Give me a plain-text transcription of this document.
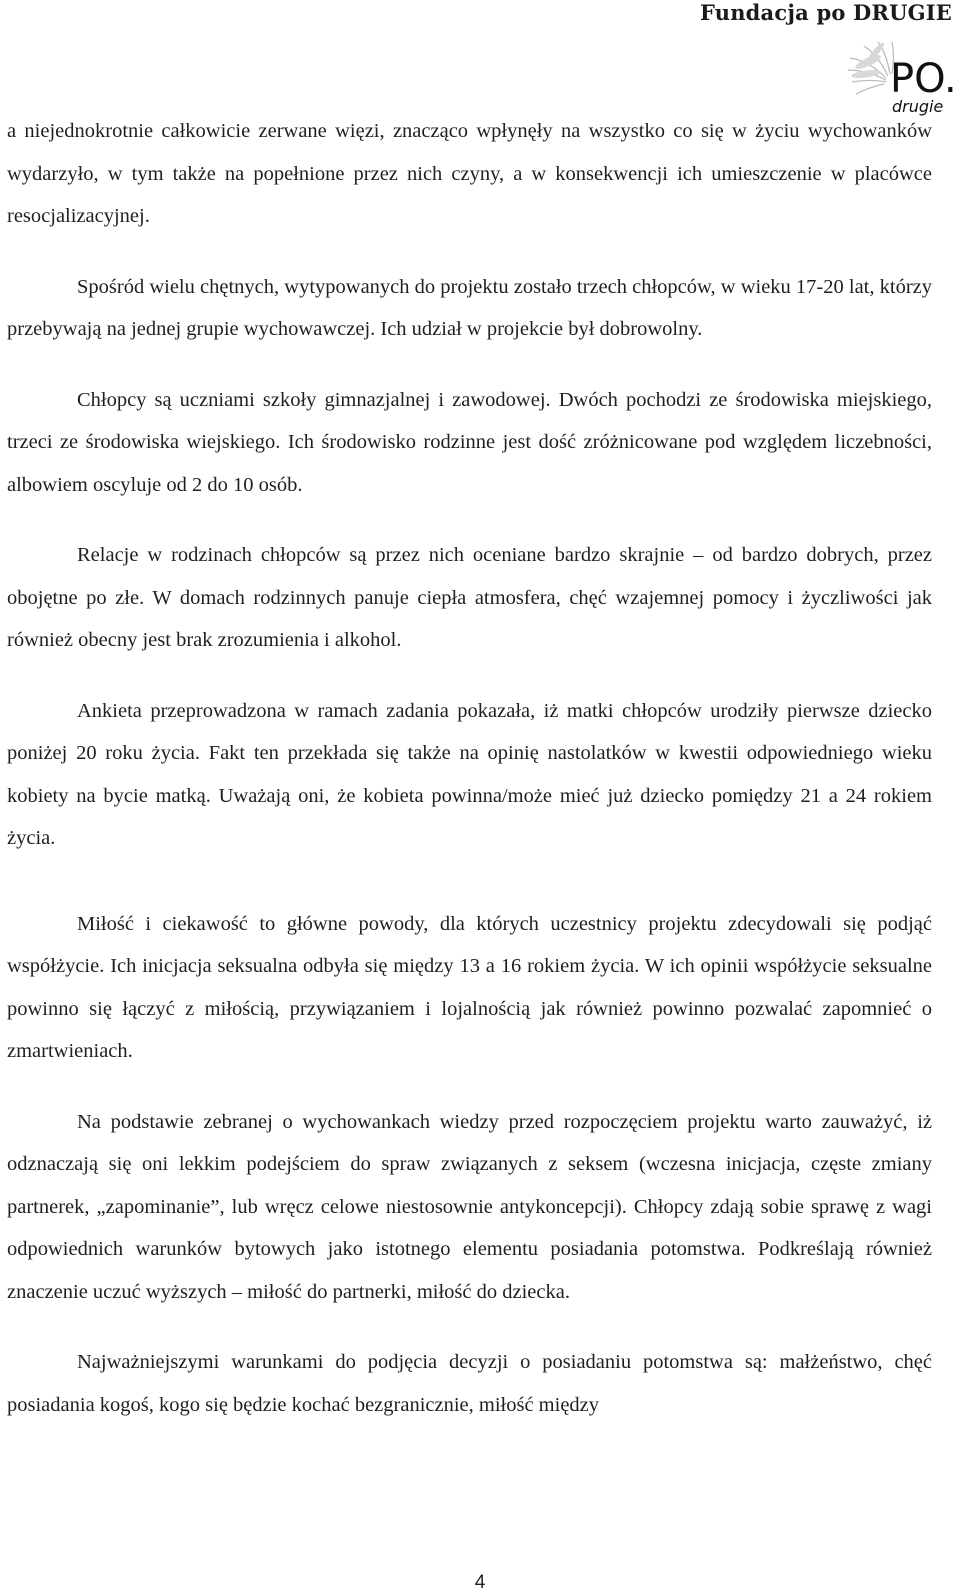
Fundacja po DRUGIE
PO.
drugie

a niejednokrotnie całkowicie zerwane więzi, znacząco wpłynęły na wszystko co się w życiu wychowanków wydarzyło, w tym także na popełnione przez nich czyny, a w konsekwencji ich umieszczenie w placówce resocjalizacyjnej.

Spośród wielu chętnych, wytypowanych do projektu zostało trzech chłopców, w wieku 17-20 lat, którzy przebywają na jednej grupie wychowawczej. Ich udział w projekcie był dobrowolny.

Chłopcy są uczniami szkoły gimnazjalnej i zawodowej. Dwóch pochodzi ze środowiska miejskiego, trzeci ze środowiska wiejskiego. Ich środowisko rodzinne jest dość zróżnicowane pod względem liczebności, albowiem oscyluje od 2 do 10 osób.

Relacje w rodzinach chłopców są przez nich oceniane bardzo skrajnie – od bardzo dobrych, przez obojętne po złe. W domach rodzinnych panuje ciepła atmosfera, chęć wzajemnej pomocy i życzliwości jak również obecny jest brak zrozumienia i alkohol.

Ankieta przeprowadzona w ramach zadania pokazała, iż matki chłopców urodziły pierwsze dziecko poniżej 20 roku życia. Fakt ten przekłada się także na opinię nastolatków w kwestii odpowiedniego wieku kobiety na bycie matką. Uważają oni, że kobieta powinna/może mieć już dziecko pomiędzy 21 a 24 rokiem życia.

Miłość i ciekawość to główne powody, dla których uczestnicy projektu zdecydowali się podjąć współżycie. Ich inicjacja seksualna odbyła się między 13 a 16 rokiem życia. W ich opinii współżycie seksualne powinno się łączyć z miłością, przywiązaniem i lojalnością jak również powinno pozwalać zapomnieć o zmartwieniach.

Na podstawie zebranej o wychowankach wiedzy przed rozpoczęciem projektu warto zauważyć, iż odznaczają się oni lekkim podejściem do spraw związanych z seksem (wczesna inicjacja, częste zmiany partnerek, „zapominanie”, lub wręcz celowe niestosownie antykoncepcji). Chłopcy zdają sobie sprawę z wagi odpowiednich warunków bytowych jako istotnego elementu posiadania potomstwa. Podkreślają również znaczenie uczuć wyższych – miłość do partnerki, miłość do dziecka.

Najważniejszymi warunkami do podjęcia decyzji o posiadaniu potomstwa są: małżeństwo, chęć posiadania kogoś, kogo się będzie kochać bezgranicznie, miłość między

4
